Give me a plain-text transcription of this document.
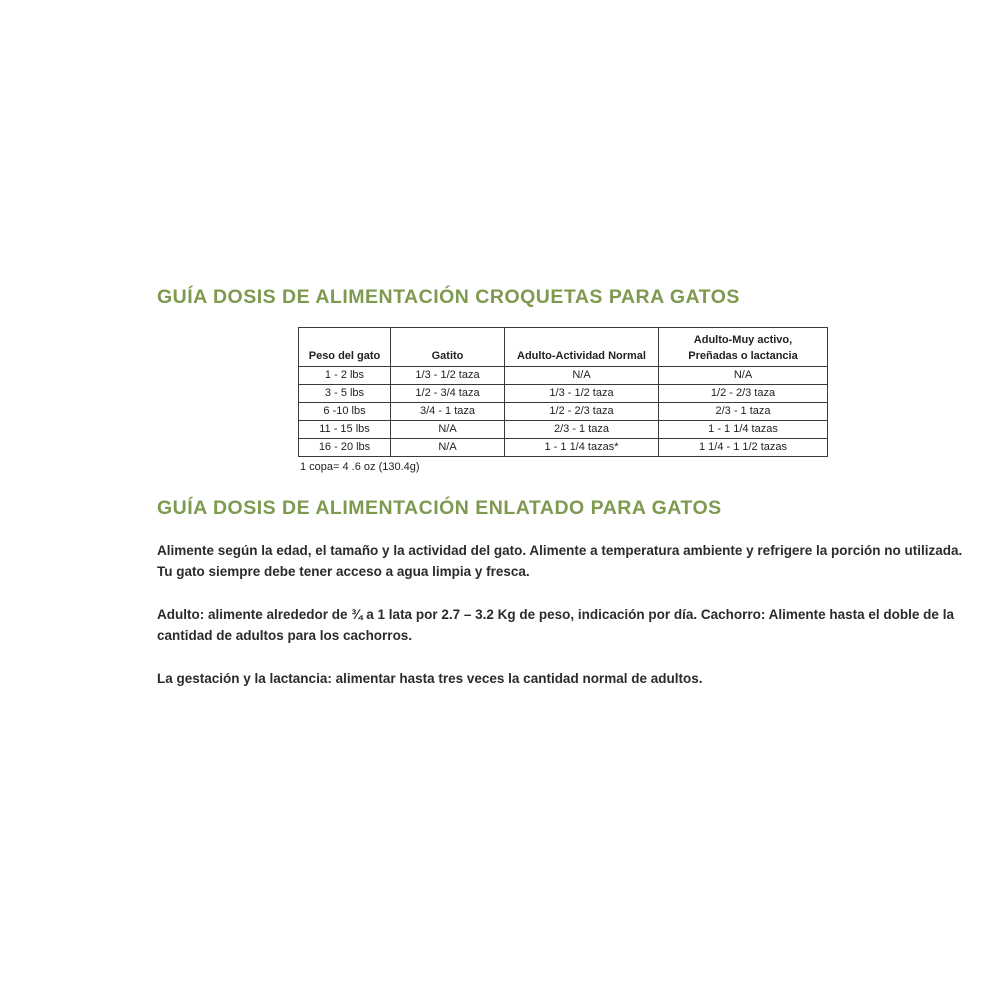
GUÍA DOSIS DE ALIMENTACIÓN CROQUETAS PARA GATOS
Peso del gato	Gatito	Adulto-Actividad Normal	Adulto-Muy activo,
Preñadas o lactancia
1 - 2 lbs	1/3 - 1/2 taza	N/A	N/A
3 - 5 lbs	1/2 - 3/4 taza	1/3 - 1/2 taza	1/2 - 2/3 taza
6 -10 lbs	3/4 - 1 taza	1/2 - 2/3 taza	2/3 - 1 taza
11 - 15 lbs	N/A	2/3 - 1 taza	1 - 1 1/4 tazas
16 - 20 lbs	N/A	1 - 1 1/4 tazas*	1 1/4 - 1 1/2 tazas
1 copa= 4 .6 oz (130.4g)
GUÍA DOSIS DE ALIMENTACIÓN ENLATADO PARA GATOS

Alimente según la edad, el tamaño y la actividad del gato. Alimente a temperatura ambiente y refrigere la porción no utilizada. Tu gato siempre debe tener acceso a agua limpia y fresca.

Adulto: alimente alrededor de ¾ a 1 lata por 2.7 – 3.2 Kg de peso, indicación por día. Cachorro: Alimente hasta el doble de la cantidad de adultos para los cachorros.

La gestación y la lactancia: alimentar hasta tres veces la cantidad normal de adultos.
